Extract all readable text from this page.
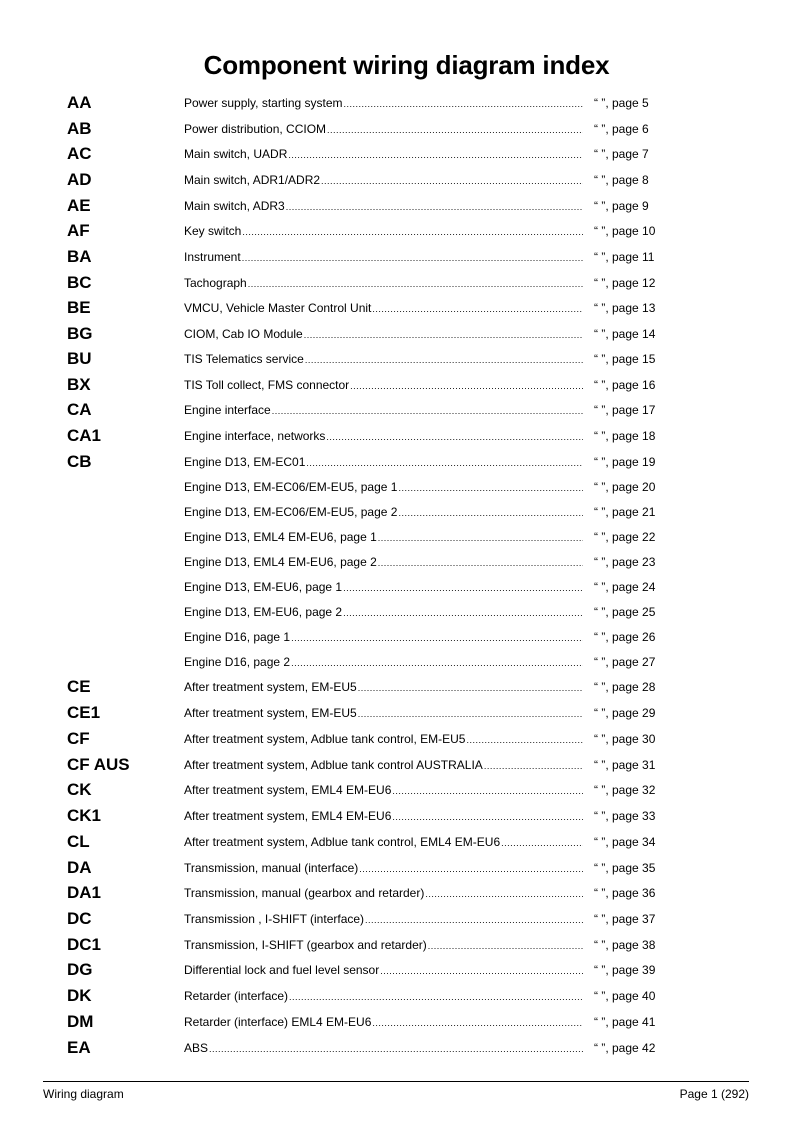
Component wiring diagram index
AA	Power supply, starting system .....	“ ”, page 5
AB	Power distribution, CCIOM .....	“ ”, page 6
AC	Main switch, UADR .....	“ ”, page 7
AD	Main switch, ADR1/ADR2 .....	“ ”, page 8
AE	Main switch, ADR3 .....	“ ”, page 9
AF	Key switch .....	“ ”, page 10
BA	Instrument .....	“ ”, page 11
BC	Tachograph .....	“ ”, page 12
BE	VMCU, Vehicle Master Control Unit .....	“ ”, page 13
BG	CIOM, Cab IO Module .....	“ ”, page 14
BU	TIS Telematics service .....	“ ”, page 15
BX	TIS Toll collect, FMS connector .....	“ ”, page 16
CA	Engine interface .....	“ ”, page 17
CA1	Engine interface, networks .....	“ ”, page 18
CB	Engine D13, EM-EC01 .....	“ ”, page 19
Engine D13, EM-EC06/EM-EU5, page 1 .....	“ ”, page 20
Engine D13, EM-EC06/EM-EU5, page 2 .....	“ ”, page 21
Engine D13, EML4 EM-EU6, page 1 .....	“ ”, page 22
Engine D13, EML4 EM-EU6, page 2 .....	“ ”, page 23
Engine D13, EM-EU6, page 1 .....	“ ”, page 24
Engine D13, EM-EU6, page 2 .....	“ ”, page 25
Engine D16, page 1 .....	“ ”, page 26
Engine D16, page 2 .....	“ ”, page 27
CE	After treatment system, EM-EU5 .....	“ ”, page 28
CE1	After treatment system, EM-EU5 .....	“ ”, page 29
CF	After treatment system, Adblue tank control, EM-EU5 .....	“ ”, page 30
CF AUS	After treatment system, Adblue tank control AUSTRALIA .....	“ ”, page 31
CK	After treatment system, EML4 EM-EU6 .....	“ ”, page 32
CK1	After treatment system, EML4 EM-EU6 .....	“ ”, page 33
CL	After treatment system, Adblue tank control, EML4 EM-EU6 .....	“ ”, page 34
DA	Transmission, manual (interface) .....	“ ”, page 35
DA1	Transmission, manual (gearbox and retarder) .....	“ ”, page 36
DC	Transmission , I-SHIFT (interface) .....	“ ”, page 37
DC1	Transmission, I-SHIFT (gearbox and retarder) .....	“ ”, page 38
DG	Differential lock and fuel level sensor .....	“ ”, page 39
DK	Retarder (interface) .....	“ ”, page 40
DM	Retarder (interface) EML4 EM-EU6 .....	“ ”, page 41
EA	ABS .....	“ ”, page 42
Wiring diagram	Page 1 (292)
